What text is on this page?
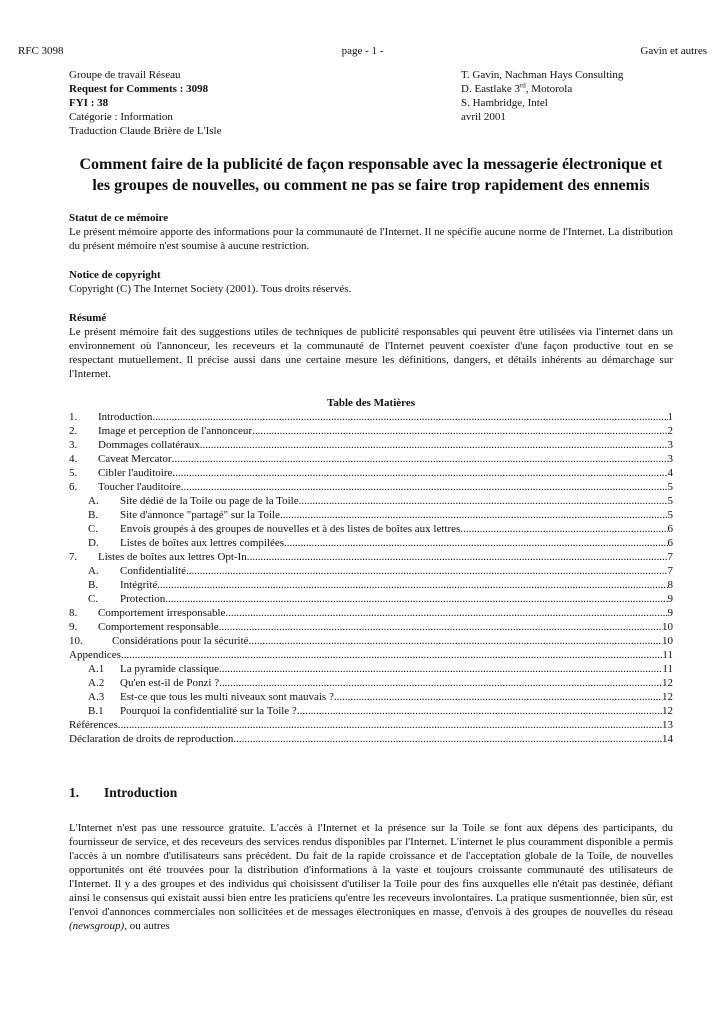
RFC 3098	page - 1 -	Gavin et autres
Groupe de travail Réseau
Request for Comments : 3098
FYI : 38
Catégorie : Information
Traduction Claude Brière de L'Isle
T. Gavin, Nachman Hays Consulting
D. Eastlake 3rd, Motorola
S. Hambridge, Intel
avril 2001
Comment faire de la publicité de façon responsable avec la messagerie électronique et les groupes de nouvelles, ou comment ne pas se faire trop rapidement des ennemis
Statut de ce mémoire
Le présent mémoire apporte des informations pour la communauté de l'Internet. Il ne spécifie aucune norme de l'Internet. La distribution du présent mémoire n'est soumise à aucune restriction.
Notice de copyright
Copyright (C) The Internet Society (2001). Tous droits réservés.
Résumé
Le présent mémoire fait des suggestions utiles de techniques de publicité responsables qui peuvent être utilisées via l'internet dans un environnement où l'annonceur, les receveurs et la communauté de l'Internet peuvent coexister d'une façon productive tout en se respectant mutuellement. Il précise aussi dans une certaine mesure les définitions, dangers, et détails inhérents au démarchage sur l'Internet.
Table des Matières
1.	Introduction .....	1
2.	Image et perception de l'annonceur .....	2
3.	Dommages collatéraux .....	3
4.	Caveat Mercator .....	3
5.	Cibler l'auditoire .....	4
6.	Toucher l'auditoire .....	5
A.	Site dédié de la Toile ou page de la Toile .....	5
B.	Site d'annonce "partagé" sur la Toile .....	5
C.	Envois groupés à des groupes de nouvelles et à des listes de boîtes aux lettres .....	6
D.	Listes de boîtes aux lettres compilées .....	6
7.	Listes de boîtes aux lettres Opt-In .....	7
A.	Confidentialité .....	7
B.	Intégrité .....	8
C.	Protection .....	9
8.	Comportement irresponsable .....	9
9.	Comportement responsable .....	10
10.	Considérations pour la sécurité .....	10
Appendices .....	11
A.1	La pyramide classique .....	11
A.2	Qu'en est-il de Ponzi ? .....	12
A.3	Est-ce que tous les multi niveaux sont mauvais ? .....	12
B.1	Pourquoi la confidentialité sur la Toile ? .....	12
Références .....	13
Déclaration de droits de reproduction .....	14
1.	Introduction
L'Internet n'est pas une ressource gratuite. L'accès à l'Internet et la présence sur la Toile se font aux dépens des participants, du fournisseur de service, et des receveurs des services rendus disponibles par l'Internet. L'internet le plus couramment disponible a permis l'accès à un nombre d'utilisateurs sans précédent. Du fait de la rapide croissance et de l'acceptation globale de la Toile, de nouvelles opportunités ont été trouvées pour la distribution d'informations à la vaste et toujours croissante communauté des utilisateurs de l'Internet. Il y a des groupes et des individus qui choisissent d'utiliser la Toile pour des fins auxquelles elle n'était pas destinée, défiant ainsi le consensus qui existait aussi bien entre les praticiens qu'entre les receveurs involontaires. La pratique susmentionnée, bien sûr, est l'envoi d'annonces commerciales non sollicitées et de messages électroniques en masse, d'envois à des groupes de nouvelles du réseau (newsgroup), ou autres
